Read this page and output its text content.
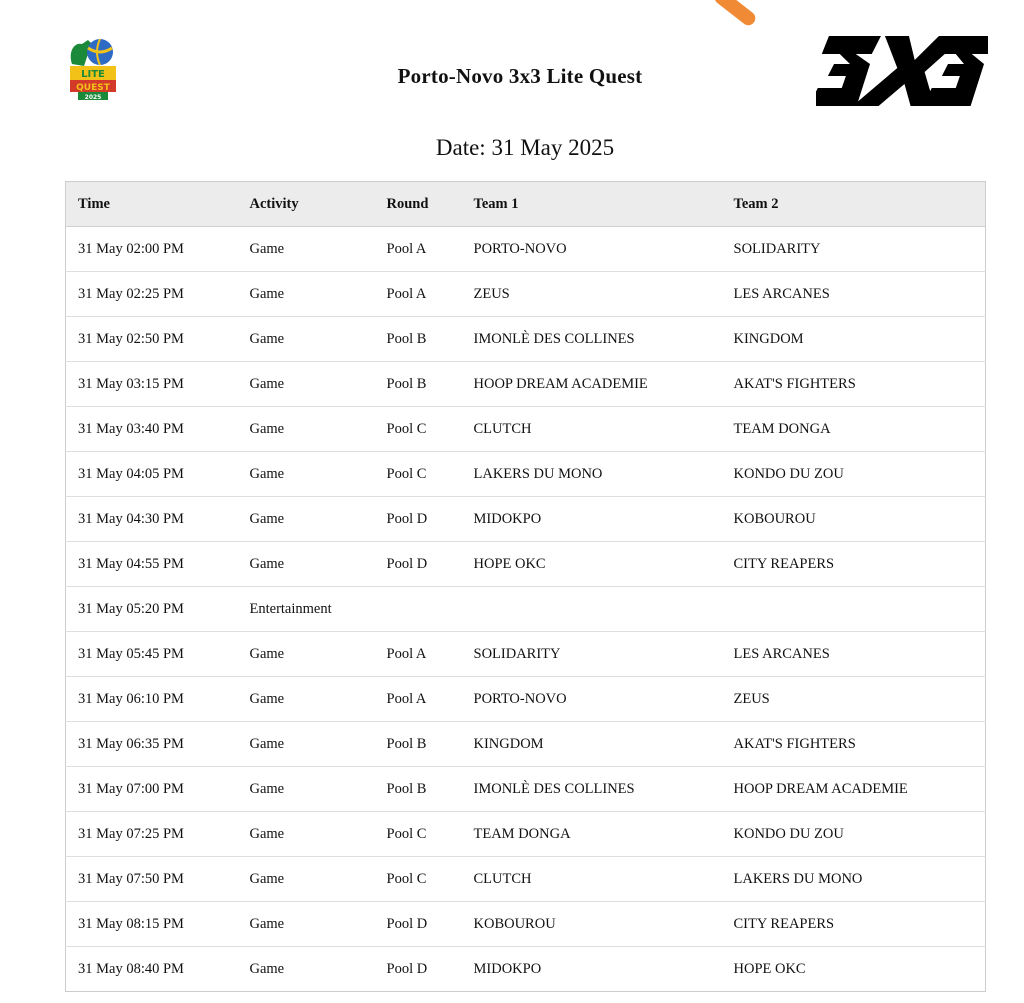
LITE
QUEST
2025
Porto-Novo 3x3 Lite Quest
Date: 31 May 2025
Time	Activity	Round	Team 1	Team 2
31 May 02:00 PM	Game	Pool A	PORTO-NOVO	SOLIDARITY
31 May 02:25 PM	Game	Pool A	ZEUS	LES ARCANES
31 May 02:50 PM	Game	Pool B	IMONLÈ DES COLLINES	KINGDOM
31 May 03:15 PM	Game	Pool B	HOOP DREAM ACADEMIE	AKAT'S FIGHTERS
31 May 03:40 PM	Game	Pool C	CLUTCH	TEAM DONGA
31 May 04:05 PM	Game	Pool C	LAKERS DU MONO	KONDO DU ZOU
31 May 04:30 PM	Game	Pool D	MIDOKPO	KOBOUROU
31 May 04:55 PM	Game	Pool D	HOPE OKC	CITY REAPERS
31 May 05:20 PM	Entertainment			
31 May 05:45 PM	Game	Pool A	SOLIDARITY	LES ARCANES
31 May 06:10 PM	Game	Pool A	PORTO-NOVO	ZEUS
31 May 06:35 PM	Game	Pool B	KINGDOM	AKAT'S FIGHTERS
31 May 07:00 PM	Game	Pool B	IMONLÈ DES COLLINES	HOOP DREAM ACADEMIE
31 May 07:25 PM	Game	Pool C	TEAM DONGA	KONDO DU ZOU
31 May 07:50 PM	Game	Pool C	CLUTCH	LAKERS DU MONO
31 May 08:15 PM	Game	Pool D	KOBOUROU	CITY REAPERS
31 May 08:40 PM	Game	Pool D	MIDOKPO	HOPE OKC
